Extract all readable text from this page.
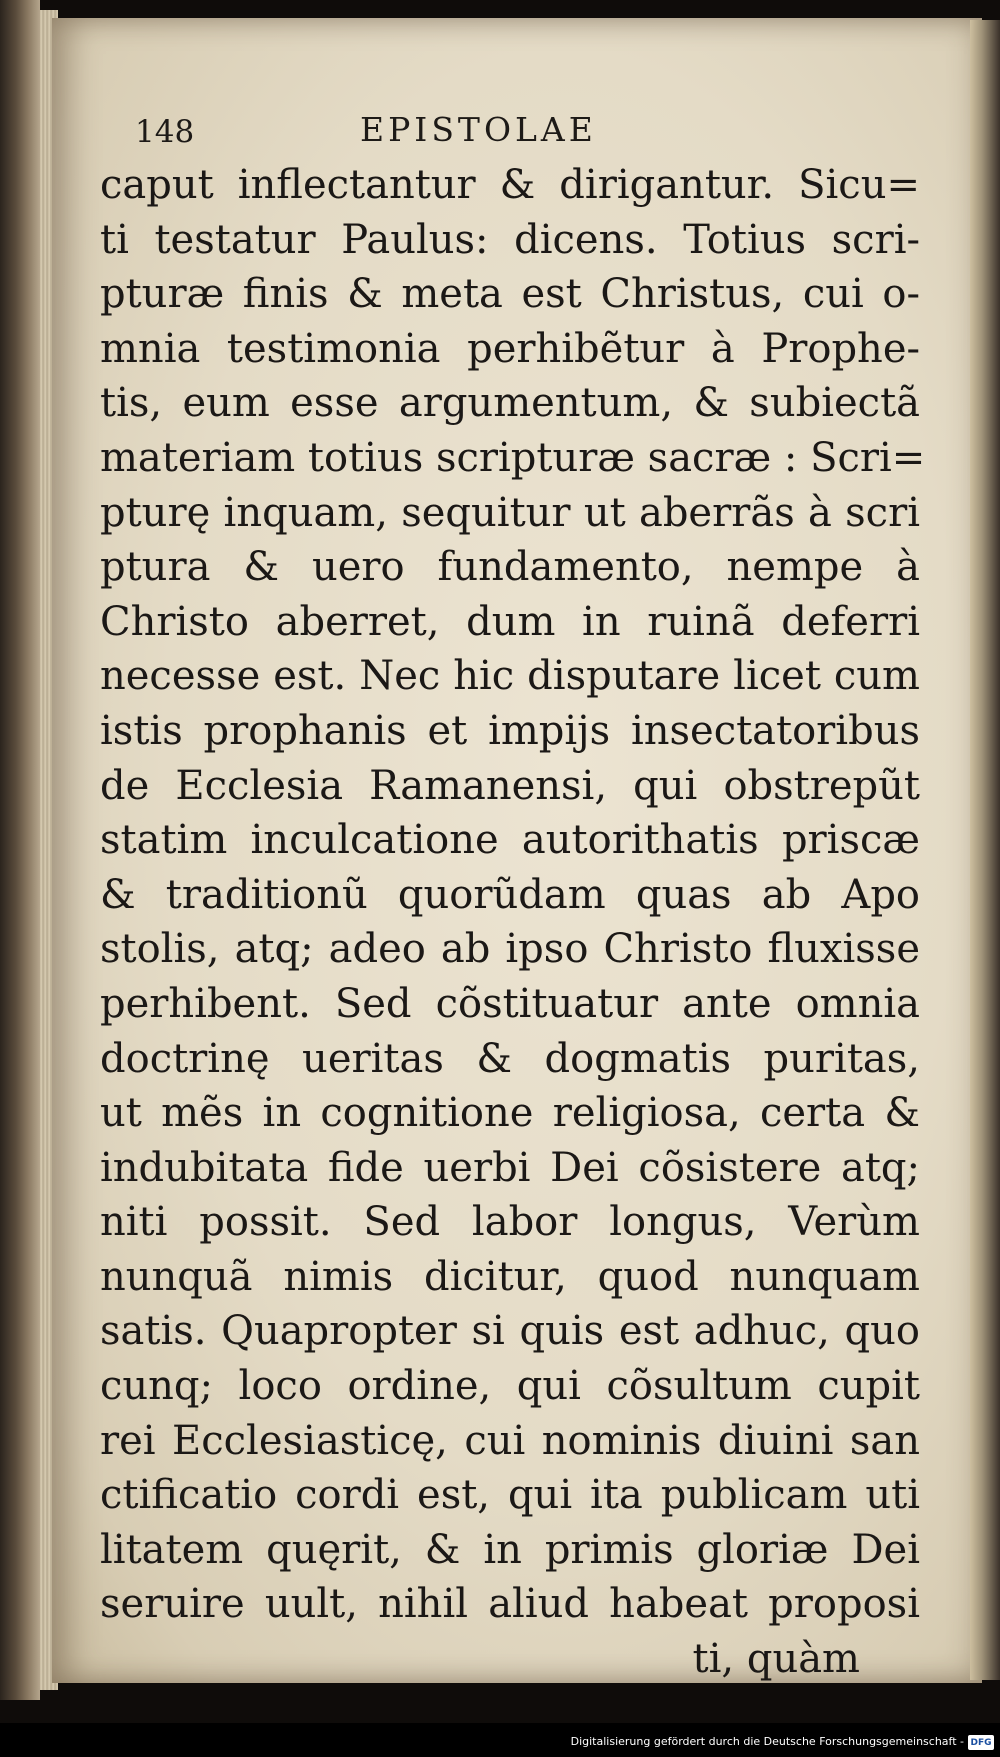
148	EPISTOLAE
caput inflectantur & dirigantur. Sicu=
ti testatur Paulus: dicens. Totius scri-
pturæ finis & meta est Christus, cui o-
mnia testimonia perhibẽtur à Prophe-
tis, eum esse argumentum, & subiectã
materiam totius scripturæ sacræ : Scri=
pturę inquam, sequitur ut aberrãs à scri
ptura & uero fundamento, nempe à
Christo aberret, dum in ruinã deferri
necesse est. Nec hic disputare licet cum
istis prophanis et impijs insectatoribus
de Ecclesia Ramanensi, qui obstrepũt
statim inculcatione autorithatis priscæ
& traditionũ quorũdam quas ab Apo
stolis, atq; adeo ab ipso Christo fluxisse
perhibent. Sed cõstituatur ante omnia
doctrinę ueritas & dogmatis puritas,
ut mẽs in cognitione religiosa, certa &
indubitata fide uerbi Dei cõsistere atq;
niti possit. Sed labor longus, Verùm
nunquã nimis dicitur, quod nunquam
satis. Quapropter si quis est adhuc, quo
cunq; loco ordine, qui cõsultum cupit
rei Ecclesiasticę, cui nominis diuini san
ctificatio cordi est, qui ita publicam uti
litatem quęrit, & in primis gloriæ Dei
seruire uult, nihil aliud habeat proposi
ti, quàm
Digitalisierung gefördert durch die Deutsche Forschungsgemeinschaft - DFG
